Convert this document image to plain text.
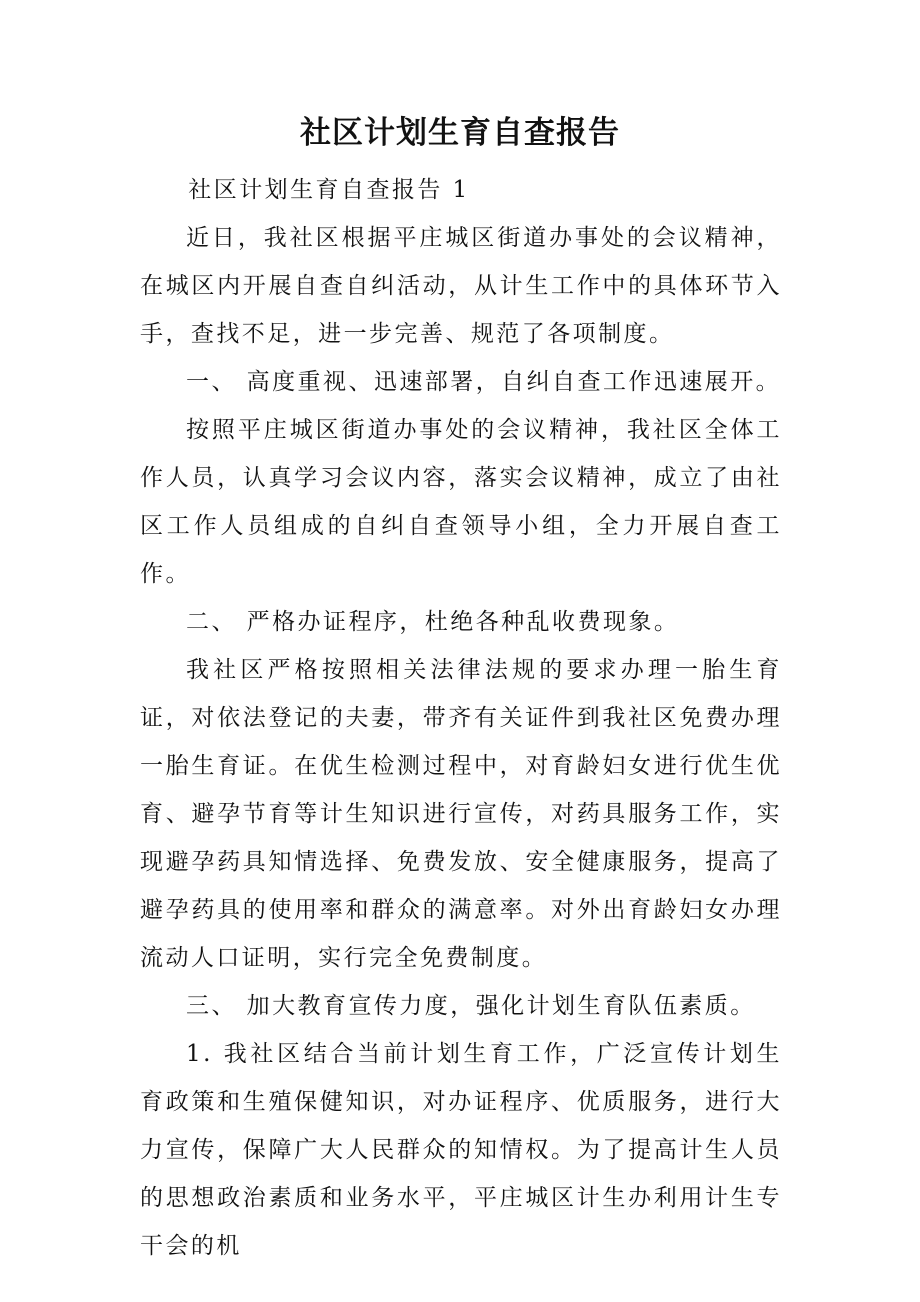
社区计划生育自查报告

社区计划生育自查报告 1

近日，我社区根据平庄城区街道办事处的会议精神，在城区内开展自查自纠活动，从计生工作中的具体环节入手，查找不足，进一步完善、规范了各项制度。

一、 高度重视、迅速部署，自纠自查工作迅速展开。

按照平庄城区街道办事处的会议精神，我社区全体工作人员，认真学习会议内容，落实会议精神，成立了由社区工作人员组成的自纠自查领导小组，全力开展自查工作。

二、 严格办证程序，杜绝各种乱收费现象。

我社区严格按照相关法律法规的要求办理一胎生育证，对依法登记的夫妻，带齐有关证件到我社区免费办理一胎生育证。在优生检测过程中，对育龄妇女进行优生优育、避孕节育等计生知识进行宣传，对药具服务工作，实现避孕药具知情选择、免费发放、安全健康服务，提高了避孕药具的使用率和群众的满意率。对外出育龄妇女办理流动人口证明，实行完全免费制度。

三、 加大教育宣传力度，强化计划生育队伍素质。

1. 我社区结合当前计划生育工作，广泛宣传计划生育政策和生殖保健知识，对办证程序、优质服务，进行大力宣传，保障广大人民群众的知情权。为了提高计生人员的思想政治素质和业务水平，平庄城区计生办利用计生专干会的机
